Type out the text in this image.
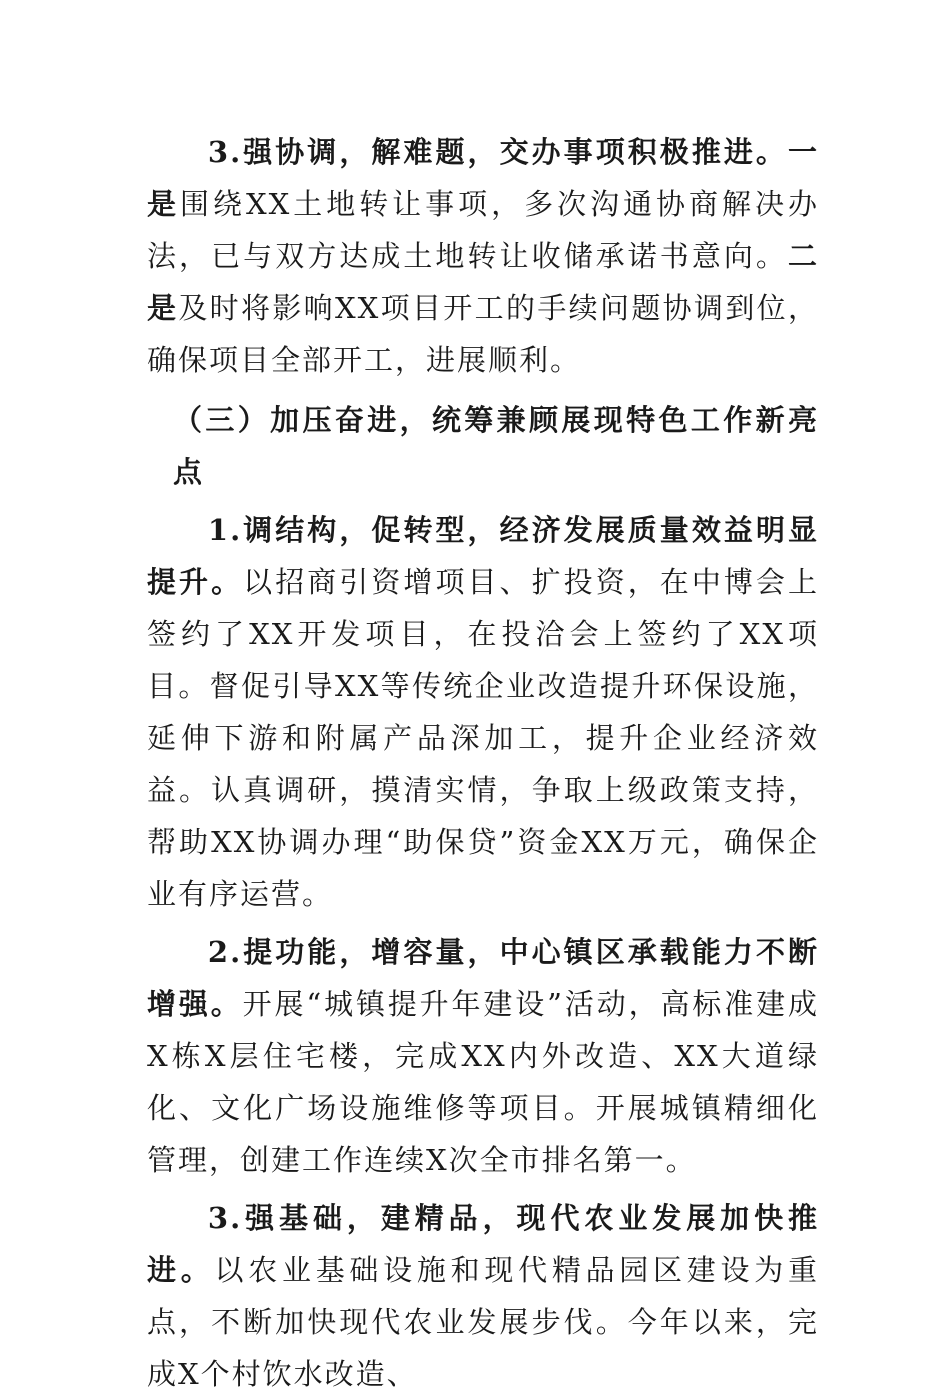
3.强协调，解难题，交办事项积极推进。一是围绕XX土地转让事项，多次沟通协商解决办法，已与双方达成土地转让收储承诺书意向。二是及时将影响XX项目开工的手续问题协调到位，确保项目全部开工，进展顺利。

（三）加压奋进，统筹兼顾展现特色工作新亮点

1.调结构，促转型，经济发展质量效益明显提升。以招商引资增项目、扩投资，在中博会上签约了XX开发项目，在投洽会上签约了XX项目。督促引导XX等传统企业改造提升环保设施，延伸下游和附属产品深加工，提升企业经济效益。认真调研，摸清实情，争取上级政策支持，帮助XX协调办理“助保贷”资金XX万元，确保企业有序运营。

2.提功能，增容量，中心镇区承载能力不断增强。开展“城镇提升年建设”活动，高标准建成X栋X层住宅楼，完成XX内外改造、XX大道绿化、文化广场设施维修等项目。开展城镇精细化管理，创建工作连续X次全市排名第一。

3.强基础，建精品，现代农业发展加快推进。以农业基础设施和现代精品园区建设为重点，不断加快现代农业发展步伐。今年以来，完成X个村饮水改造、
